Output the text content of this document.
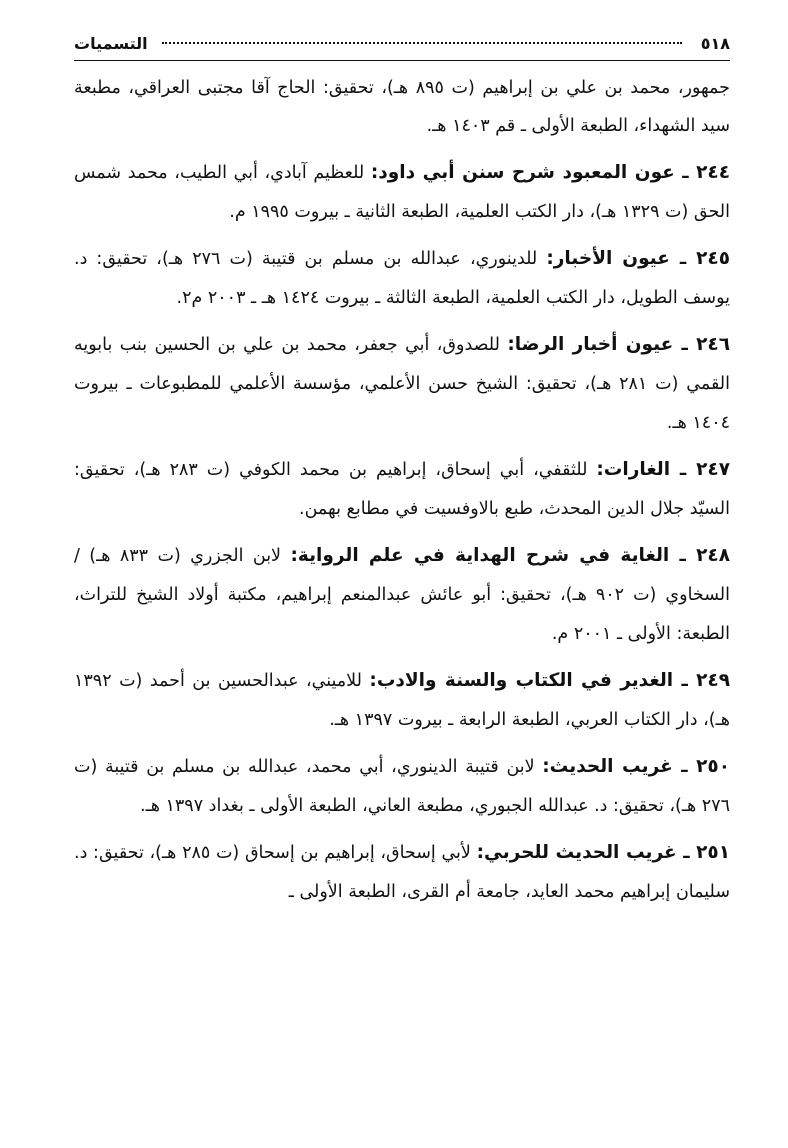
٥١٨
التسميات

جمهور، محمد بن علي بن إبراهيم (ت ٨٩٥ هـ)، تحقيق: الحاج آقا مجتبى العراقي، مطبعة سيد الشهداء، الطبعة الأولى ـ قم ١٤٠٣ هـ.

٢٤٤ ـ عون المعبود شرح سنن أبي داود: للعظيم آبادي، أبي الطيب، محمد شمس الحق (ت ١٣٢٩ هـ)، دار الكتب العلمية، الطبعة الثانية ـ بيروت ١٩٩٥ م.

٢٤٥ ـ عيون الأخبار: للدينوري، عبدالله بن مسلم بن قتيبة (ت ٢٧٦ هـ)، تحقيق: د. يوسف الطويل، دار الكتب العلمية، الطبعة الثالثة ـ بيروت ١٤٢٤ هـ ـ ٢٠٠٣ م٢.

٢٤٦ ـ عيون أخبار الرضا: للصدوق، أبي جعفر، محمد بن علي بن الحسين بنب بابويه القمي (ت ٢٨١ هـ)، تحقيق: الشيخ حسن الأعلمي، مؤسسة الأعلمي للمطبوعات ـ بيروت ١٤٠٤ هـ.

٢٤٧ ـ الغارات: للثقفي، أبي إسحاق، إبراهيم بن محمد الكوفي (ت ٢٨٣ هـ)، تحقيق: السيّد جلال الدين المحدث، طبع بالاوفسيت في مطابع بهمن.

٢٤٨ ـ الغاية في شرح الهداية في علم الرواية: لابن الجزري (ت ٨٣٣ هـ) / السخاوي (ت ٩٠٢ هـ)، تحقيق: أبو عائش عبدالمنعم إبراهيم، مكتبة أولاد الشيخ للتراث، الطبعة: الأولى ـ ٢٠٠١ م.

٢٤٩ ـ الغدير في الكتاب والسنة والادب: للاميني، عبدالحسين بن أحمد (ت ١٣٩٢ هـ)، دار الكتاب العربي، الطبعة الرابعة ـ بيروت ١٣٩٧ هـ.

٢٥٠ ـ غريب الحديث: لابن قتيبة الدينوري، أبي محمد، عبدالله بن مسلم بن قتيبة (ت ٢٧٦ هـ)، تحقيق: د. عبدالله الجبوري، مطبعة العاني، الطبعة الأولى ـ بغداد ١٣٩٧ هـ.

٢٥١ ـ غريب الحديث للحربي: لأبي إسحاق، إبراهيم بن إسحاق (ت ٢٨٥ هـ)، تحقيق: د. سليمان إبراهيم محمد العايد، جامعة أم القرى، الطبعة الأولى ـ
